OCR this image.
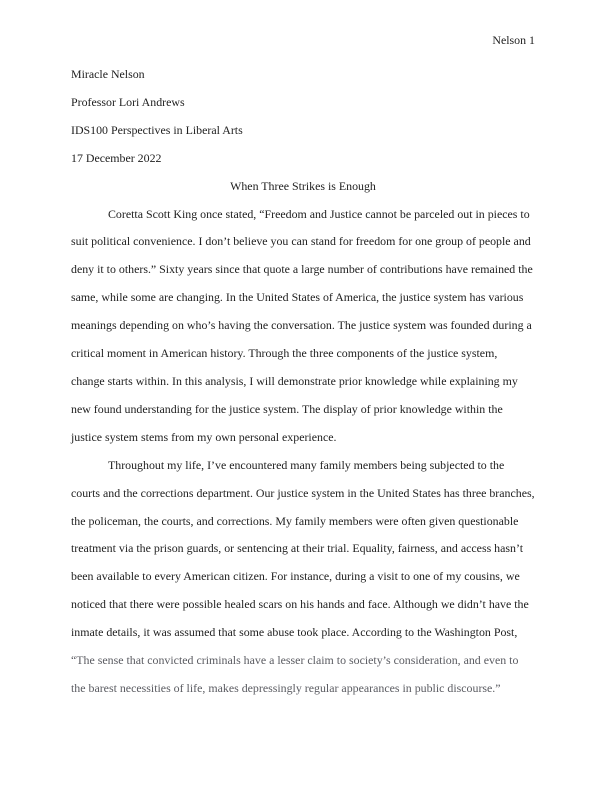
Nelson 1
Miracle Nelson
Professor Lori Andrews
IDS100 Perspectives in Liberal Arts
17 December 2022
When Three Strikes is Enough
Coretta Scott King once stated, “Freedom and Justice cannot be parceled out in pieces to
suit political convenience. I don’t believe you can stand for freedom for one group of people and
deny it to others.” Sixty years since that quote a large number of contributions have remained the
same, while some are changing. In the United States of America, the justice system has various
meanings depending on who’s having the conversation. The justice system was founded during a
critical moment in American history. Through the three components of the justice system,
change starts within. In this analysis, I will demonstrate prior knowledge while explaining my
new found understanding for the justice system. The display of prior knowledge within the
justice system stems from my own personal experience.
Throughout my life, I’ve encountered many family members being subjected to the
courts and the corrections department. Our justice system in the United States has three branches,
the policeman, the courts, and corrections. My family members were often given questionable
treatment via the prison guards, or sentencing at their trial. Equality, fairness, and access hasn’t
been available to every American citizen. For instance, during a visit to one of my cousins, we
noticed that there were possible healed scars on his hands and face. Although we didn’t have the
inmate details, it was assumed that some abuse took place. According to the Washington Post,
“The sense that convicted criminals have a lesser claim to society’s consideration, and even to
the barest necessities of life, makes depressingly regular appearances in public discourse.”
